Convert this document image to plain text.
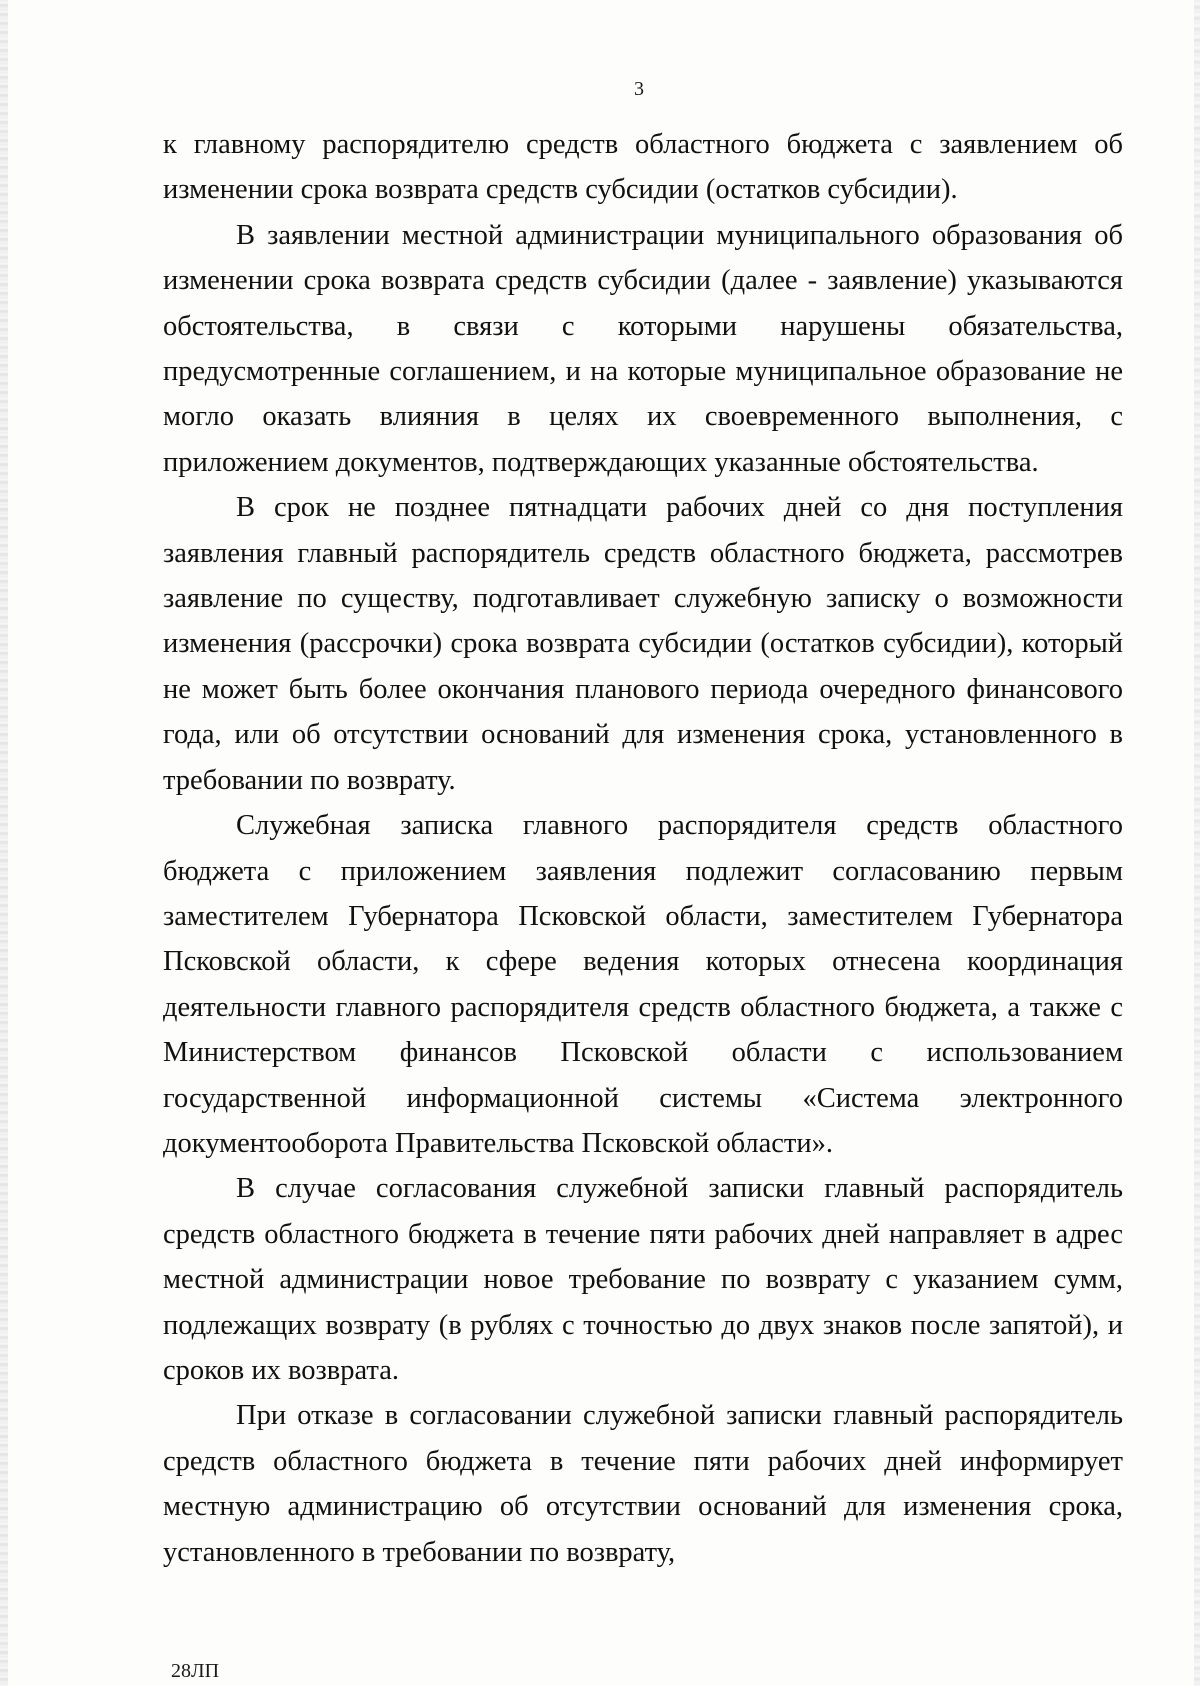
3

к главному распорядителю средств областного бюджета с заявлением об изменении срока возврата средств субсидии (остатков субсидии).

В заявлении местной администрации муниципального образования об изменении срока возврата средств субсидии (далее - заявление) указываются обстоятельства, в связи с которыми нарушены обязательства, предусмотренные соглашением, и на которые муниципальное образование не могло оказать влияния в целях их своевременного выполнения, с приложением документов, подтверждающих указанные обстоятельства.

В срок не позднее пятнадцати рабочих дней со дня поступления заявления главный распорядитель средств областного бюджета, рассмотрев заявление по существу, подготавливает служебную записку о возможности изменения (рассрочки) срока возврата субсидии (остатков субсидии), который не может быть более окончания планового периода очередного финансового года, или об отсутствии оснований для изменения срока, установленного в требовании по возврату.

Служебная записка главного распорядителя средств областного бюджета с приложением заявления подлежит согласованию первым заместителем Губернатора Псковской области, заместителем Губернатора Псковской области, к сфере ведения которых отнесена координация деятельности главного распорядителя средств областного бюджета, а также с Министерством финансов Псковской области с использованием государственной информационной системы «Система электронного документооборота Правительства Псковской области».

В случае согласования служебной записки главный распорядитель средств областного бюджета в течение пяти рабочих дней направляет в адрес местной администрации новое требование по возврату с указанием сумм, подлежащих возврату (в рублях с точностью до двух знаков после запятой), и сроков их возврата.

При отказе в согласовании служебной записки главный распорядитель средств областного бюджета в течение пяти рабочих дней информирует местную администрацию об отсутствии оснований для изменения срока, установленного в требовании по возврату,

28ЛП
